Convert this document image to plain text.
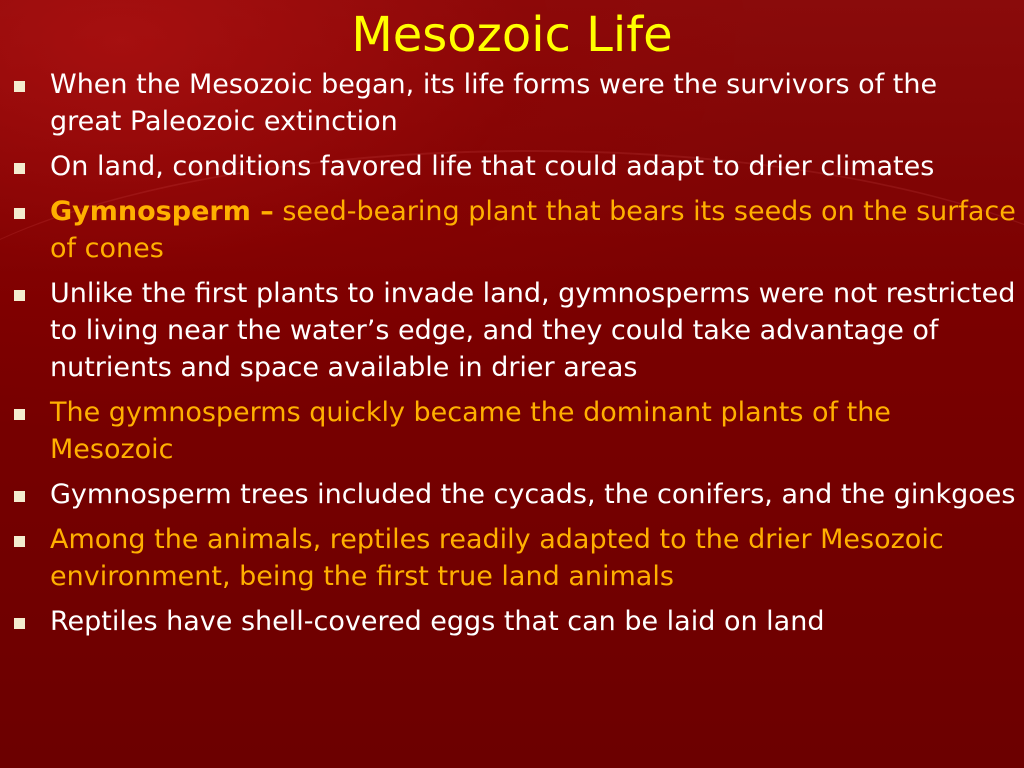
Mesozoic Life
When the Mesozoic began, its life forms were the survivors of the great Paleozoic extinction
On land, conditions favored life that could adapt to drier climates
Gymnosperm – seed-bearing plant that bears its seeds on the surface of cones
Unlike the first plants to invade land, gymnosperms were not restricted to living near the water’s edge, and they could take advantage of nutrients and space available in drier areas
The gymnosperms quickly became the dominant plants of the Mesozoic
Gymnosperm trees included the cycads, the conifers, and the ginkgoes
Among the animals, reptiles readily adapted to the drier Mesozoic environment, being the first true land animals
Reptiles have shell-covered eggs that can be laid on land
